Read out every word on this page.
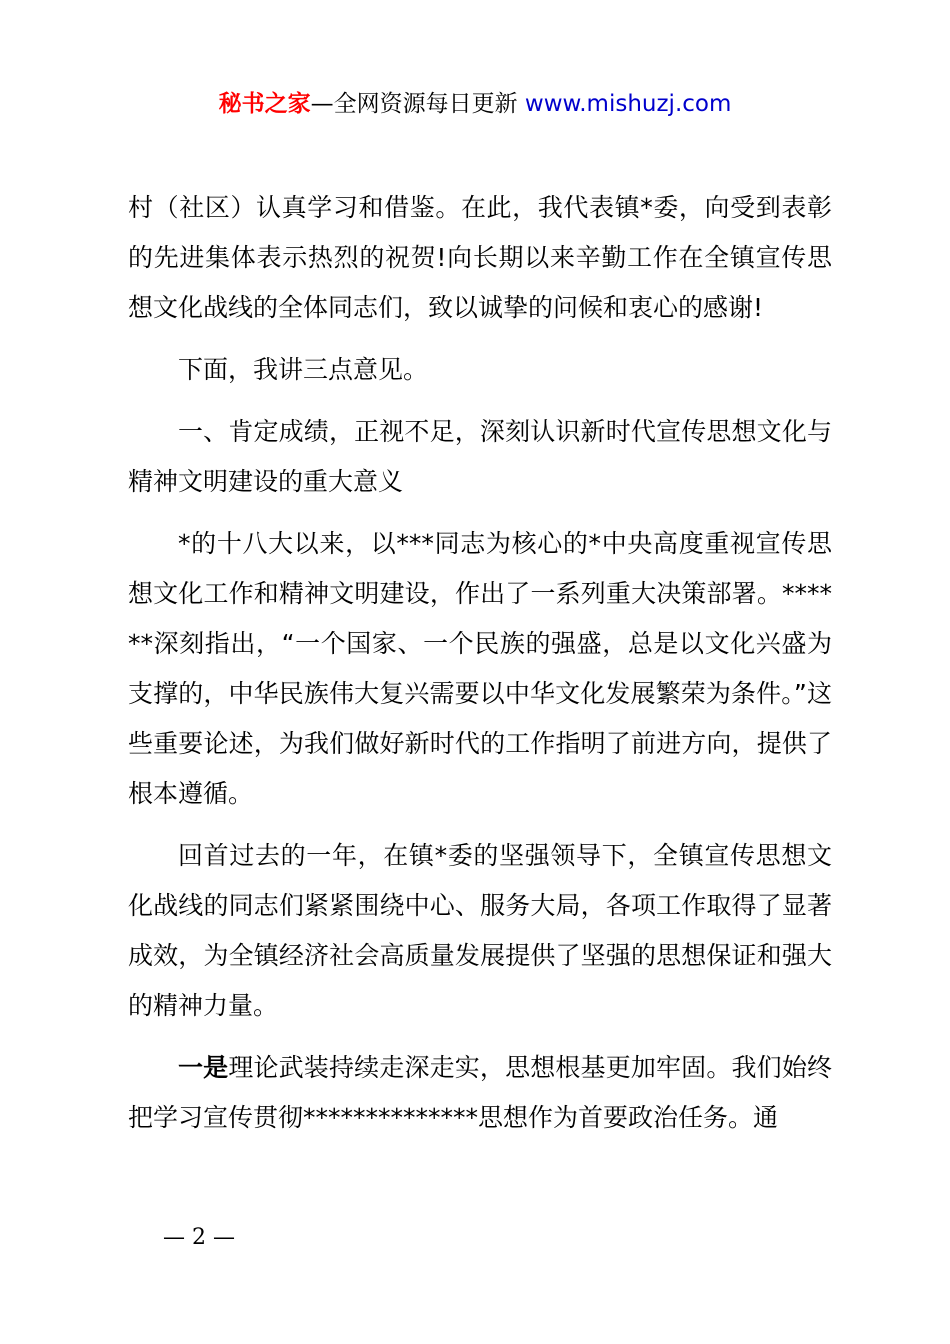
秘书之家—全网资源每日更新 www.mishuzj.com

村（社区）认真学习和借鉴。在此，我代表镇*委，向受到表彰的先进集体表示热烈的祝贺!向长期以来辛勤工作在全镇宣传思想文化战线的全体同志们，致以诚挚的问候和衷心的感谢!

下面，我讲三点意见。

一、肯定成绩，正视不足，深刻认识新时代宣传思想文化与精神文明建设的重大意义

*的十八大以来，以***同志为核心的*中央高度重视宣传思想文化工作和精神文明建设，作出了一系列重大决策部署。******深刻指出，“一个国家、一个民族的强盛，总是以文化兴盛为支撑的，中华民族伟大复兴需要以中华文化发展繁荣为条件。”这些重要论述，为我们做好新时代的工作指明了前进方向，提供了根本遵循。

回首过去的一年，在镇*委的坚强领导下，全镇宣传思想文化战线的同志们紧紧围绕中心、服务大局，各项工作取得了显著成效，为全镇经济社会高质量发展提供了坚强的思想保证和强大的精神力量。

一是理论武装持续走深走实，思想根基更加牢固。我们始终把学习宣传贯彻**************思想作为首要政治任务。通

— 2 —
